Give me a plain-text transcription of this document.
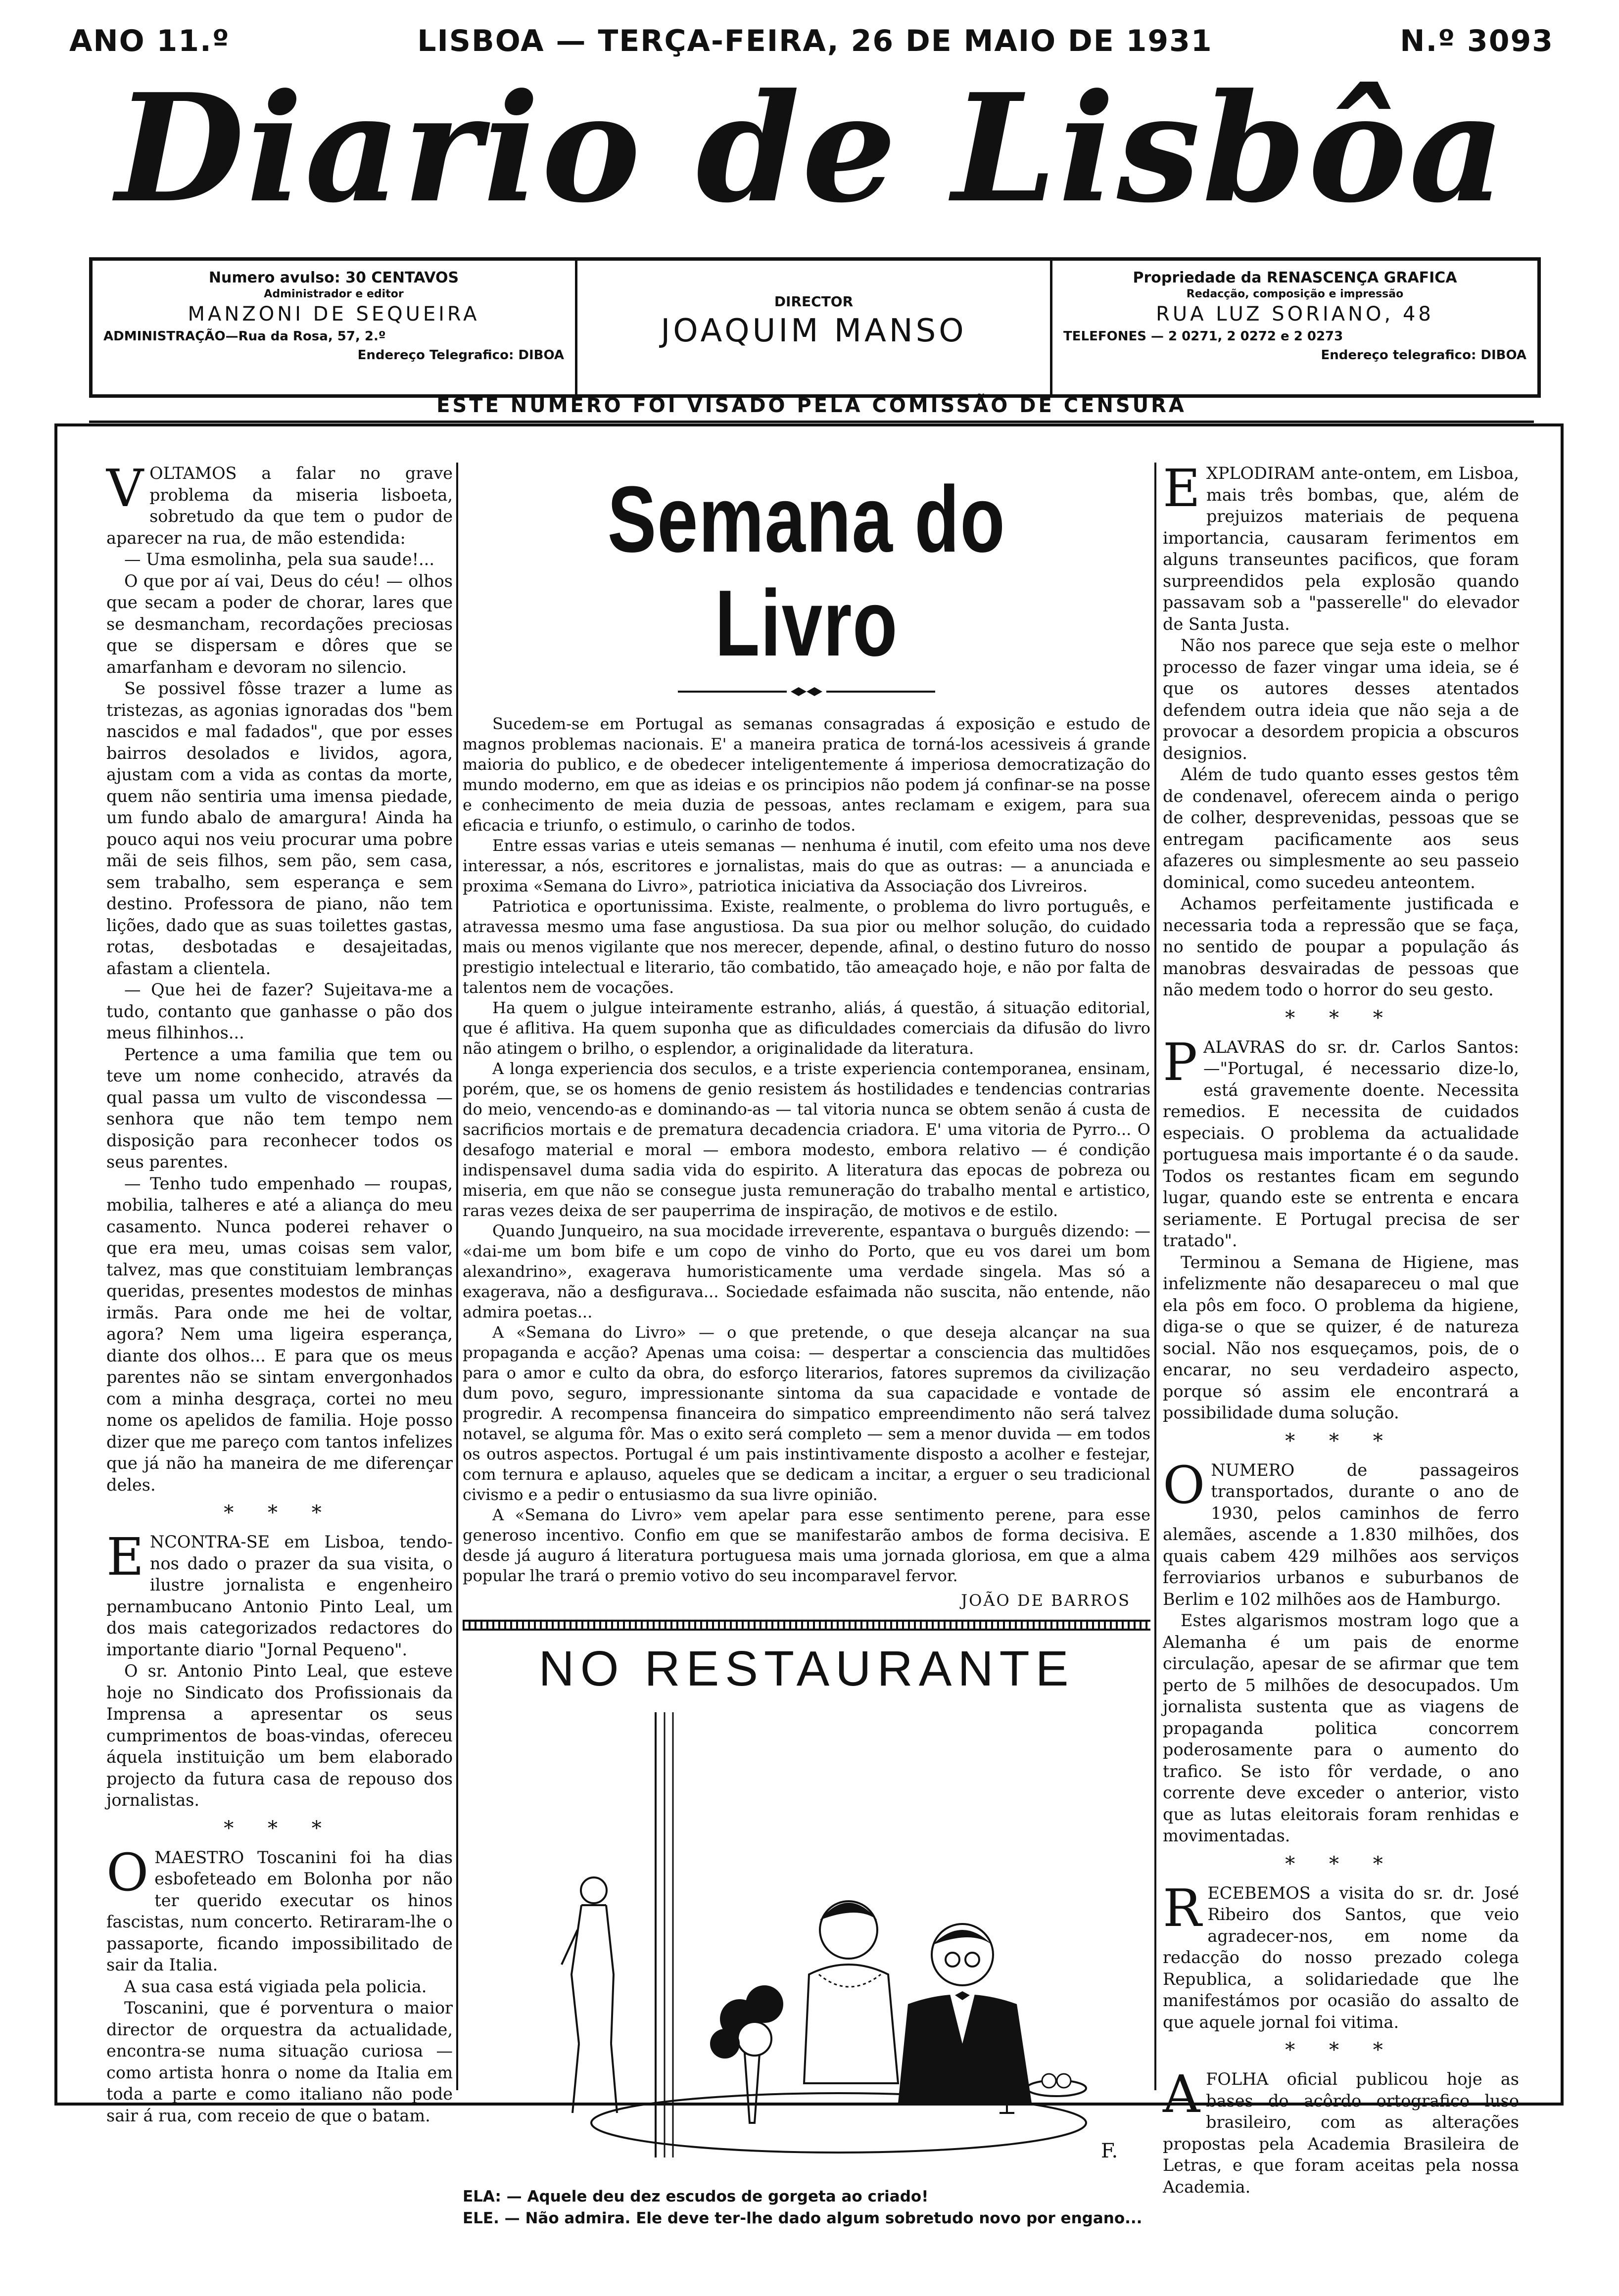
ANO 11.º	LISBOA — TERÇA-FEIRA, 26 DE MAIO DE 1931	N.º 3093
Diario de Lisbôa
Numero avulso: 30 CENTAVOS
Administrador e editor
MANZONI DE SEQUEIRA
ADMINISTRAÇÃO—Rua da Rosa, 57, 2.º
Endereço Telegrafico: DIBOA
DIRECTOR
JOAQUIM MANSO
Propriedade da RENASCENÇA GRAFICA
Redacção, composição e impressão
RUA LUZ SORIANO, 48
TELEFONES — 2 0271, 2 0272 e 2 0273
Endereço telegrafico: DIBOA
ESTE NUMERO FOI VISADO PELA COMISSÃO DE CENSURA

VOLTAMOS a falar no grave problema da miseria lisboeta, sobretudo da que tem o pudor de aparecer na rua, de mão estendida:

— Uma esmolinha, pela sua saude!...

O que por aí vai, Deus do céu! — olhos que secam a poder de chorar, lares que se desmancham, recordações preciosas que se dispersam e dôres que se amarfanham e devoram no silencio.

Se possivel fôsse trazer a lume as tristezas, as agonias ignoradas dos "bem nascidos e mal fadados", que por esses bairros desolados e lividos, agora, ajustam com a vida as contas da morte, quem não sentiria uma imensa piedade, um fundo abalo de amargura! Ainda ha pouco aqui nos veiu procurar uma pobre mãi de seis filhos, sem pão, sem casa, sem trabalho, sem esperança e sem destino. Professora de piano, não tem lições, dado que as suas toilettes gastas, rotas, desbotadas e desajeitadas, afastam a clientela.

— Que hei de fazer? Sujeitava-me a tudo, contanto que ganhasse o pão dos meus filhinhos...

Pertence a uma familia que tem ou teve um nome conhecido, através da qual passa um vulto de viscondessa — senhora que não tem tempo nem disposição para reconhecer todos os seus parentes.

— Tenho tudo empenhado — roupas, mobilia, talheres e até a aliança do meu casamento. Nunca poderei rehaver o que era meu, umas coisas sem valor, talvez, mas que constituiam lembranças queridas, presentes modestos de minhas irmãs. Para onde me hei de voltar, agora? Nem uma ligeira esperança, diante dos olhos... E para que os meus parentes não se sintam envergonhados com a minha desgraça, cortei no meu nome os apelidos de familia. Hoje posso dizer que me pareço com tantos infelizes que já não ha maneira de me diferençar deles.

* * *

ENCONTRA-SE em Lisboa, tendo-nos dado o prazer da sua visita, o ilustre jornalista e engenheiro pernambucano Antonio Pinto Leal, um dos mais categorizados redactores do importante diario "Jornal Pequeno".

O sr. Antonio Pinto Leal, que esteve hoje no Sindicato dos Profissionais da Imprensa a apresentar os seus cumprimentos de boas-vindas, ofereceu áquela instituição um bem elaborado projecto da futura casa de repouso dos jornalistas.

* * *

OMAESTRO Toscanini foi ha dias esbofeteado em Bolonha por não ter querido executar os hinos fascistas, num concerto. Retiraram-lhe o passaporte, ficando impossibilitado de sair da Italia.

A sua casa está vigiada pela policia.

Toscanini, que é porventura o maior director de orquestra da actualidade, encontra-se numa situação curiosa — como artista honra o nome da Italia em toda a parte e como italiano não pode sair á rua, com receio de que o batam.

Semana do Livro

Sucedem-se em Portugal as semanas consagradas á exposição e estudo de magnos problemas nacionais. E' a maneira pratica de torná-los acessiveis á grande maioria do publico, e de obedecer inteligentemente á imperiosa democratização do mundo moderno, em que as ideias e os principios não podem já confinar-se na posse e conhecimento de meia duzia de pessoas, antes reclamam e exigem, para sua eficacia e triunfo, o estimulo, o carinho de todos.

Entre essas varias e uteis semanas — nenhuma é inutil, com efeito uma nos deve interessar, a nós, escritores e jornalistas, mais do que as outras: — a anunciada e proxima «Semana do Livro», patriotica iniciativa da Associação dos Livreiros.

Patriotica e oportunissima. Existe, realmente, o problema do livro português, e atravessa mesmo uma fase angustiosa. Da sua pior ou melhor solução, do cuidado mais ou menos vigilante que nos merecer, depende, afinal, o destino futuro do nosso prestigio intelectual e literario, tão combatido, tão ameaçado hoje, e não por falta de talentos nem de vocações.

Ha quem o julgue inteiramente estranho, aliás, á questão, á situação editorial, que é aflitiva. Ha quem suponha que as dificuldades comerciais da difusão do livro não atingem o brilho, o esplendor, a originalidade da literatura.

A longa experiencia dos seculos, e a triste experiencia contemporanea, ensinam, porém, que, se os homens de genio resistem ás hostilidades e tendencias contrarias do meio, vencendo-as e dominando-as — tal vitoria nunca se obtem senão á custa de sacrificios mortais e de prematura decadencia criadora. E' uma vitoria de Pyrro... O desafogo material e moral — embora modesto, embora relativo — é condição indispensavel duma sadia vida do espirito. A literatura das epocas de pobreza ou miseria, em que não se consegue justa remuneração do trabalho mental e artistico, raras vezes deixa de ser pauperrima de inspiração, de motivos e de estilo.

Quando Junqueiro, na sua mocidade irreverente, espantava o burguês dizendo: — «dai-me um bom bife e um copo de vinho do Porto, que eu vos darei um bom alexandrino», exagerava humoristicamente uma verdade singela. Mas só a exagerava, não a desfigurava... Sociedade esfaimada não suscita, não entende, não admira poetas...

A «Semana do Livro» — o que pretende, o que deseja alcançar na sua propaganda e acção? Apenas uma coisa: — despertar a consciencia das multidões para o amor e culto da obra, do esforço literarios, fatores supremos da civilização dum povo, seguro, impressionante sintoma da sua capacidade e vontade de progredir. A recompensa financeira do simpatico empreendimento não será talvez notavel, se alguma fôr. Mas o exito será completo — sem a menor duvida — em todos os outros aspectos. Portugal é um pais instintivamente disposto a acolher e festejar, com ternura e aplauso, aqueles que se dedicam a incitar, a erguer o seu tradicional civismo e a pedir o entusiasmo da sua livre opinião.

A «Semana do Livro» vem apelar para esse sentimento perene, para esse generoso incentivo. Confio em que se manifestarão ambos de forma decisiva. E desde já auguro á literatura portuguesa mais uma jornada gloriosa, em que a alma popular lhe trará o premio votivo do seu incomparavel fervor.

JOÃO DE BARROS
NO RESTAURANTE
F.
ELA: — Aquele deu dez escudos de gorgeta ao criado!
ELE. — Não admira. Ele deve ter-lhe dado algum sobretudo novo por engano...

EXPLODIRAM ante-ontem, em Lisboa, mais três bombas, que, além de prejuizos materiais de pequena importancia, causaram ferimentos em alguns transeuntes pacificos, que foram surpreendidos pela explosão quando passavam sob a "passerelle" do elevador de Santa Justa.

Não nos parece que seja este o melhor processo de fazer vingar uma ideia, se é que os autores desses atentados defendem outra ideia que não seja a de provocar a desordem propicia a obscuros designios.

Além de tudo quanto esses gestos têm de condenavel, oferecem ainda o perigo de colher, desprevenidas, pessoas que se entregam pacificamente aos seus afazeres ou simplesmente ao seu passeio dominical, como sucedeu anteontem.

Achamos perfeitamente justificada e necessaria toda a repressão que se faça, no sentido de poupar a população ás manobras desvairadas de pessoas que não medem todo o horror do seu gesto.

* * *

PALAVRAS do sr. dr. Carlos Santos: —"Portugal, é necessario dize-lo, está gravemente doente. Necessita remedios. E necessita de cuidados especiais. O problema da actualidade portuguesa mais importante é o da saude. Todos os restantes ficam em segundo lugar, quando este se entrenta e encara seriamente. E Portugal precisa de ser tratado".

Terminou a Semana de Higiene, mas infelizmente não desapareceu o mal que ela pôs em foco. O problema da higiene, diga-se o que se quizer, é de natureza social. Não nos esqueçamos, pois, de o encarar, no seu verdadeiro aspecto, porque só assim ele encontrará a possibilidade duma solução.

* * *

ONUMERO de passageiros transportados, durante o ano de 1930, pelos caminhos de ferro alemães, ascende a 1.830 milhões, dos quais cabem 429 milhões aos serviços ferroviarios urbanos e suburbanos de Berlim e 102 milhões aos de Hamburgo.

Estes algarismos mostram logo que a Alemanha é um pais de enorme circulação, apesar de se afirmar que tem perto de 5 milhões de desocupados. Um jornalista sustenta que as viagens de propaganda politica concorrem poderosamente para o aumento do trafico. Se isto fôr verdade, o ano corrente deve exceder o anterior, visto que as lutas eleitorais foram renhidas e movimentadas.

* * *

RECEBEMOS a visita do sr. dr. José Ribeiro dos Santos, que veio agradecer-nos, em nome da redacção do nosso prezado colega Republica, a solidariedade que lhe manifestámos por ocasião do assalto de que aquele jornal foi vitima.

* * *

AFOLHA oficial publicou hoje as bases do acôrdo ortografico luso brasileiro, com as alterações propostas pela Academia Brasileira de Letras, e que foram aceitas pela nossa Academia.
